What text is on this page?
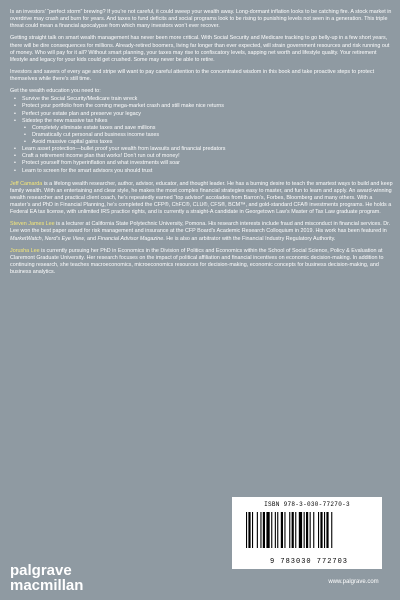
Is an investors’ “perfect storm” brewing? If you’re not careful, it could sweep your wealth away. Long-dormant inflation looks to be catching fire. A stock market in overdrive may crash and burn for years. And taxes to fund deficits and social programs look to be rising to punishing levels not seen in a generation. This triple threat could mean a financial apocalypse from which many investors won’t ever recover.

Getting straight talk on smart wealth management has never been more critical. With Social Security and Medicare tracking to go belly-up in a few short years, there will be dire consequences for millions. Already-retired boomers, living far longer than ever expected, will strain government resources and risk running out of money. Who will pay for it all? Without smart planning, your taxes may rise to confiscatory levels, sapping net worth and lifestyle quality. Your retirement lifestyle and legacy for your kids could get crushed. Some may never be able to retire.

Investors and savers of every age and stripe will want to pay careful attention to the concentrated wisdom in this book and take proactive steps to protect themselves while there’s still time.

Get the wealth education you need to:

• Survive the Social Security/Medicare train wreck
• Protect your portfolio from the coming mega-market crash and still make nice returns
• Perfect your estate plan and preserve your legacy
• Sidestep the new massive tax hikes
• Completely eliminate estate taxes and save millions
• Dramatically cut personal and business income taxes
• Avoid massive capital gains taxes
• Learn asset protection—bullet proof your wealth from lawsuits and financial predators
• Craft a retirement income plan that works! Don’t run out of money!
• Protect yourself from hyperinflation and what investments will soar
• Learn to screen for the smart advisors you should trust

Jeff Camarda is a lifelong wealth researcher, author, advisor, educator, and thought leader. He has a burning desire to teach the smartest ways to build and keep family wealth. With an entertaining and clear style, he makes the most complex financial strategies easy to master, and fun to learn and apply. An award-winning wealth researcher and practical client coach, he’s repeatedly earned “top advisor” accolades from Barron’s, Forbes, Bloomberg and many others. With a master’s and PhD in Financial Planning, he’s completed the CFP®, ChFC®, CLU®, CFS®, BCM™, and gold-standard CFA® investments programs. He holds a Federal EA tax license, with unlimited IRS practice rights, and is currently a straight-A candidate in Georgetown Law’s Master of Tax Law graduate program.

Steven James Lee is a lecturer at California State Polytechnic University, Pomona. His research interests include fraud and misconduct in financial services. Dr. Lee won the best paper award for risk management and insurance at the CFP Board’s Academic Research Colloquium in 2019. His work has been featured in MarketWatch, Nerd’s Eye View, and Financial Advisor Magazine. He is also an arbitrator with the Financial Industry Regulatory Authority.

Jorusha Lee is currently pursuing her PhD in Economics in the Division of Politics and Economics within the School of Social Science, Policy & Evaluation at Claremont Graduate University. Her research focuses on the impact of political affiliation and financial incentives on economic decision-making. In addition to continuing research, she teaches macroeconomics, microeconomics resources for decision-making, economic concepts for business decision-making, and business analytics.

ISBN 978-3-030-77270-3
9 783030 772703
www.palgrave.com
palgrave
macmillan
